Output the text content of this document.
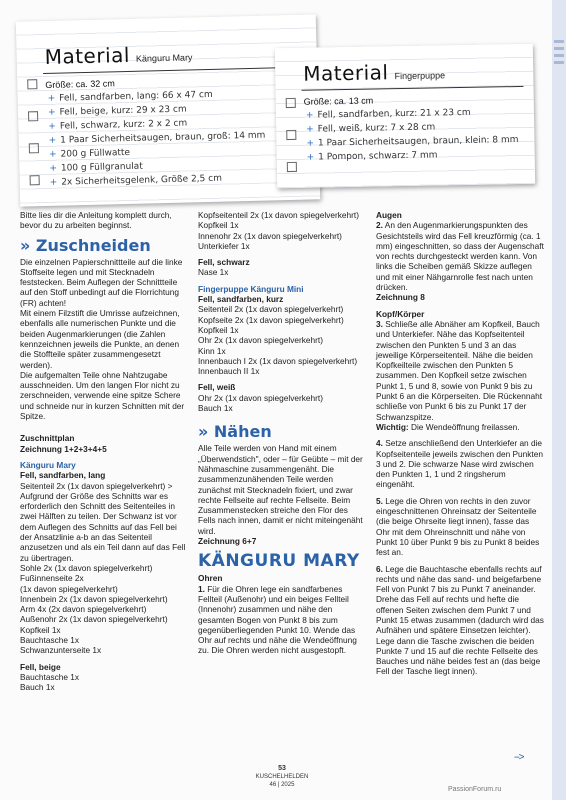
Material Känguru Mary
Größe: ca. 32 cm
+ Fell, sandfarben, lang: 66 x 47 cm
+ Fell, beige, kurz: 29 x 23 cm
+ Fell, schwarz, kurz: 2 x 2 cm
+ 1 Paar Sicherheitsaugen, braun, groß: 14 mm
+ 200 g Füllwatte
+ 100 g Füllgranulat
+ 2x Sicherheitsgelenk, Größe 2,5 cm
Material Fingerpuppe
Größe: ca. 13 cm
+ Fell, sandfarben, kurz: 21 x 23 cm
+ Fell, weiß, kurz: 7 x 28 cm
+ 1 Paar Sicherheitsaugen, braun, klein: 8 mm
+ 1 Pompon, schwarz: 7 mm

Bitte lies dir die Anleitung komplett durch, bevor du zu arbeiten beginnst.

» Zuschneiden

Die einzelnen Papierschnittteile auf die linke Stoffseite legen und mit Stecknadeln feststecken. Beim Auflegen der Schnittteile auf den Stoff unbedingt auf die Florrichtung (FR) achten!

Mit einem Filzstift die Umrisse aufzeichnen, ebenfalls alle numerischen Punkte und die beiden Augenmarkierungen (die Zahlen kennzeichnen jeweils die Punkte, an denen die Stoffteile später zusammengesetzt werden).

Die aufgemalten Teile ohne Nahtzugabe ausschneiden. Um den langen Flor nicht zu zerschneiden, verwende eine spitze Schere und schneide nur in kurzen Schnitten mit der Spitze.

Zuschnittplan
Zeichnung 1+2+3+4+5
Känguru Mary
Fell, sandfarben, lang
Seitenteil 2x (1x davon spiegelverkehrt) > Aufgrund der Größe des Schnitts war es erforderlich den Schnitt des Seitenteiles in zwei Hälften zu teilen. Der Schwanz ist vor dem Auflegen des Schnitts auf das Fell bei der Ansatzlinie a-b an das Seitenteil anzusetzen und als ein Teil dann auf das Fell zu übertragen.
Sohle 2x (1x davon spiegelverkehrt)
Fußinnenseite 2x
(1x davon spiegelverkehrt)
Innenbein 2x (1x davon spiegelverkehrt)
Arm 4x (2x davon spiegelverkehrt)
Außenohr 2x (1x davon spiegelverkehrt)
Kopfkeil 1x
Bauchtasche 1x
Schwanzunterseite 1x
Fell, beige
Bauchtasche 1x
Bauch 1x
Kopfseitenteil 2x (1x davon spiegelverkehrt)
Kopfkeil 1x
Innenohr 2x (1x davon spiegelverkehrt)
Unterkiefer 1x
Fell, schwarz
Nase 1x
Fingerpuppe Känguru Mini
Fell, sandfarben, kurz
Seitenteil 2x (1x davon spiegelverkehrt)
Kopfseite 2x (1x davon spiegelverkehrt)
Kopfkeil 1x
Ohr 2x (1x davon spiegelverkehrt)
Kinn 1x
Innenbauch I 2x (1x davon spiegelverkehrt)
Innenbauch II 1x
Fell, weiß
Ohr 2x (1x davon spiegelverkehrt)
Bauch 1x
» Nähen
Alle Teile werden von Hand mit einem „Überwendstich", oder – für Geübte – mit der Nähmaschine zusammengenäht. Die zusammenzunähenden Teile werden zunächst mit Stecknadeln fixiert, und zwar rechte Fellseite auf rechte Fellseite. Beim Zusammenstecken streiche den Flor des Fells nach innen, damit er nicht miteingenäht wird.
Zeichnung 6+7
KÄNGURU MARY
Ohren
1. Für die Ohren lege ein sandfarbenes Fellteil (Außenohr) und ein beiges Fellteil (Innenohr) zusammen und nähe den gesamten Bogen von Punkt 8 bis zum gegenüberliegenden Punkt 10. Wende das Ohr auf rechts und nähe die Wendeöffnung zu. Die Ohren werden nicht ausgestopft.
Augen
2. An den Augenmarkierungspunkten des Gesichtsteils wird das Fell kreuzförmig (ca. 1 mm) eingeschnitten, so dass der Augenschaft von rechts durchgesteckt werden kann. Von links die Scheiben gemäß Skizze auflegen und mit einer Nähgarnrolle fest nach unten drücken.
Zeichnung 8
Kopf/Körper
3. Schließe alle Abnäher am Kopfkeil, Bauch und Unterkiefer. Nähe das Kopfseitenteil zwischen den Punkten 5 und 3 an das jeweilige Körperseitenteil. Nähe die beiden Kopfkeilteile zwischen den Punkten 5 zusammen. Den Kopfkeil setze zwischen Punkt 1, 5 und 8, sowie von Punkt 9 bis zu Punkt 6 an die Körperseiten. Die Rückennaht schließe von Punkt 6 bis zu Punkt 17 der Schwanzspitze.
Wichtig: Die Wendeöffnung freilassen.
4. Setze anschließend den Unterkiefer an die Kopfseitenteile jeweils zwischen den Punkten 3 und 2. Die schwarze Nase wird zwischen den Punkten 1, 1 und 2 ringsherum eingenäht.
5. Lege die Ohren von rechts in den zuvor eingeschnittenen Ohreinsatz der Seitenteile (die beige Ohrseite liegt innen), fasse das Ohr mit dem Ohreinschnitt und nähe von Punkt 10 über Punkt 9 bis zu Punkt 8 beides fest an.
6. Lege die Bauchtasche ebenfalls rechts auf rechts und nähe das sand- und beigefarbene Fell von Punkt 7 bis zu Punkt 7 aneinander. Drehe das Fell auf rechts und hefte die offenen Seiten zwischen dem Punkt 7 und Punkt 15 etwas zusammen (dadurch wird das Aufnähen und spätere Einsetzen leichter). Lege dann die Tasche zwischen die beiden Punkte 7 und 15 auf die rechte Fellseite des Bauches und nähe beides fest an (das beige Fell der Tasche liegt innen).
-->
53
KUSCHELHELDEN
46 | 2025
PassionForum.ru
